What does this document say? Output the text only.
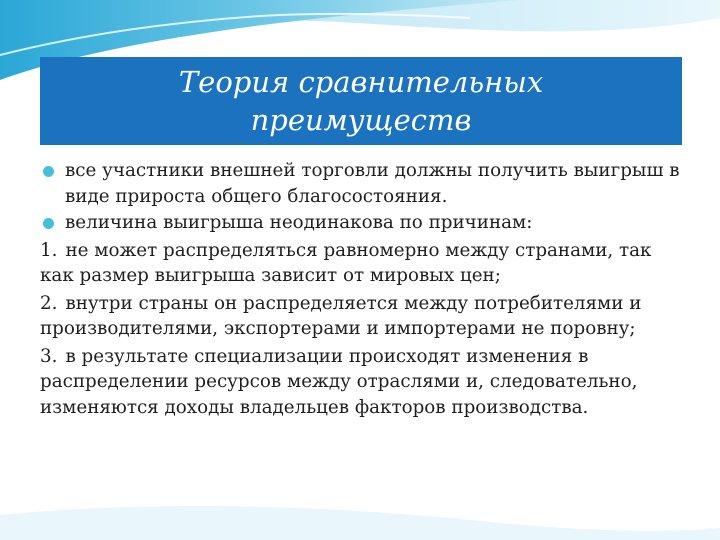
Теория сравнительных
преимуществ
все участники внешней торговли должны получить выигрыш в виде прироста общего благосостояния.
величина выигрыша неодинакова по причинам:
1. не может распределяться равномерно между странами, так как размер выигрыша зависит от мировых цен;
2. внутри страны он распределяется между потребителями и производителями, экспортерами и импортерами не поровну;
3. в результате специализации происходят изменения в распределении ресурсов между отраслями и, следовательно, изменяются доходы владельцев факторов производства.
